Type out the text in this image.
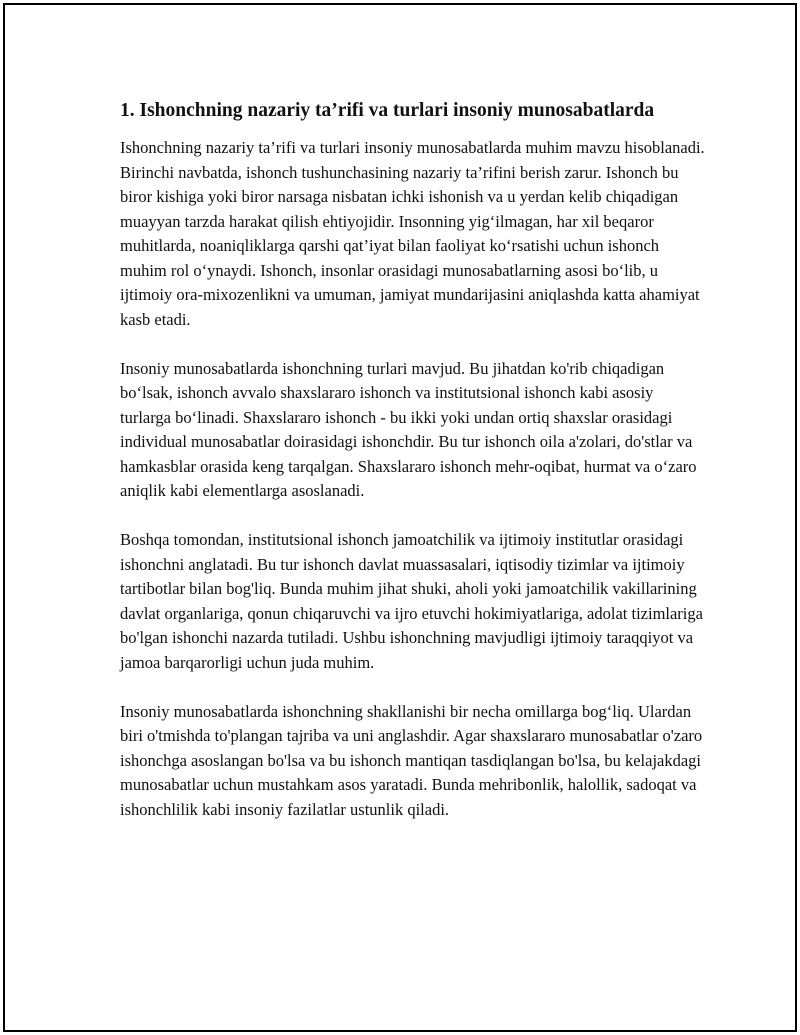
1. Ishonchning nazariy ta’rifi va turlari insoniy munosabatlarda

Ishonchning nazariy ta’rifi va turlari insoniy munosabatlarda muhim mavzu hisoblanadi. Birinchi navbatda, ishonch tushunchasining nazariy ta’rifini berish zarur. Ishonch bu biror kishiga yoki biror narsaga nisbatan ichki ishonish va u yerdan kelib chiqadigan muayyan tarzda harakat qilish ehtiyojidir. Insonning yig‘ilmagan, har xil beqaror muhitlarda, noaniqliklarga qarshi qat’iyat bilan faoliyat ko‘rsatishi uchun ishonch muhim rol o‘ynaydi. Ishonch, insonlar orasidagi munosabatlarning asosi bo‘lib, u ijtimoiy ora-mixozenlikni va umuman, jamiyat mundarijasini aniqlashda katta ahamiyat kasb etadi.

Insoniy munosabatlarda ishonchning turlari mavjud. Bu jihatdan ko'rib chiqadigan bo‘lsak, ishonch avvalo shaxslararo ishonch va institutsional ishonch kabi asosiy turlarga bo‘linadi. Shaxslararo ishonch - bu ikki yoki undan ortiq shaxslar orasidagi individual munosabatlar doirasidagi ishonchdir. Bu tur ishonch oila a'zolari, do'stlar va hamkasblar orasida keng tarqalgan. Shaxslararo ishonch mehr-oqibat, hurmat va o‘zaro aniqlik kabi elementlarga asoslanadi.

Boshqa tomondan, institutsional ishonch jamoatchilik va ijtimoiy institutlar orasidagi ishonchni anglatadi. Bu tur ishonch davlat muassasalari, iqtisodiy tizimlar va ijtimoiy tartibotlar bilan bog'liq. Bunda muhim jihat shuki, aholi yoki jamoatchilik vakillarining davlat organlariga, qonun chiqaruvchi va ijro etuvchi hokimiyatlariga, adolat tizimlariga bo'lgan ishonchi nazarda tutiladi. Ushbu ishonchning mavjudligi ijtimoiy taraqqiyot va jamoa barqarorligi uchun juda muhim.

Insoniy munosabatlarda ishonchning shakllanishi bir necha omillarga bog‘liq. Ulardan biri o'tmishda to'plangan tajriba va uni anglashdir. Agar shaxslararo munosabatlar o'zaro ishonchga asoslangan bo'lsa va bu ishonch mantiqan tasdiqlangan bo'lsa, bu kelajakdagi munosabatlar uchun mustahkam asos yaratadi. Bunda mehribonlik, halollik, sadoqat va ishonchlilik kabi insoniy fazilatlar ustunlik qiladi.
